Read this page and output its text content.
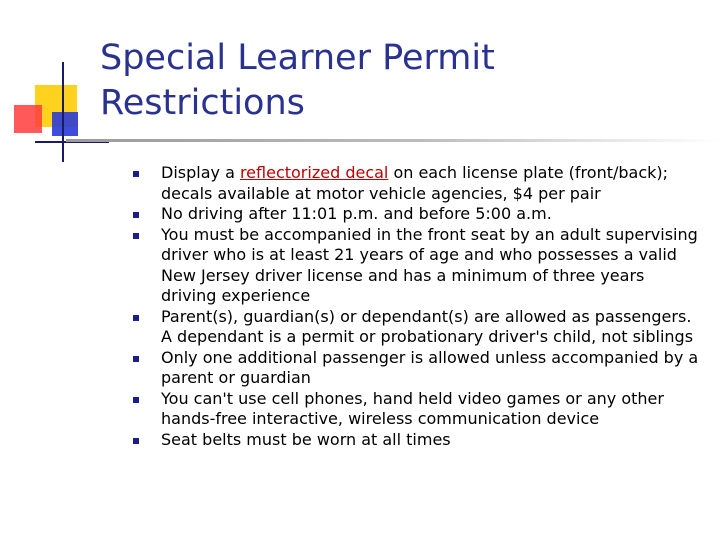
Special Learner Permit
Restrictions
Display a reflectorized decal on each license plate (front/back); decals available at motor vehicle agencies, $4 per pair
No driving after 11:01 p.m. and before 5:00 a.m.
You must be accompanied in the front seat by an adult supervising driver who is at least 21 years of age and who possesses a valid New Jersey driver license and has a minimum of three years driving experience
Parent(s), guardian(s) or dependant(s) are allowed as passengers. A dependant is a permit or probationary driver's child, not siblings
Only one additional passenger is allowed unless accompanied by a parent or guardian
You can't use cell phones, hand held video games or any other hands-free interactive, wireless communication device
Seat belts must be worn at all times
